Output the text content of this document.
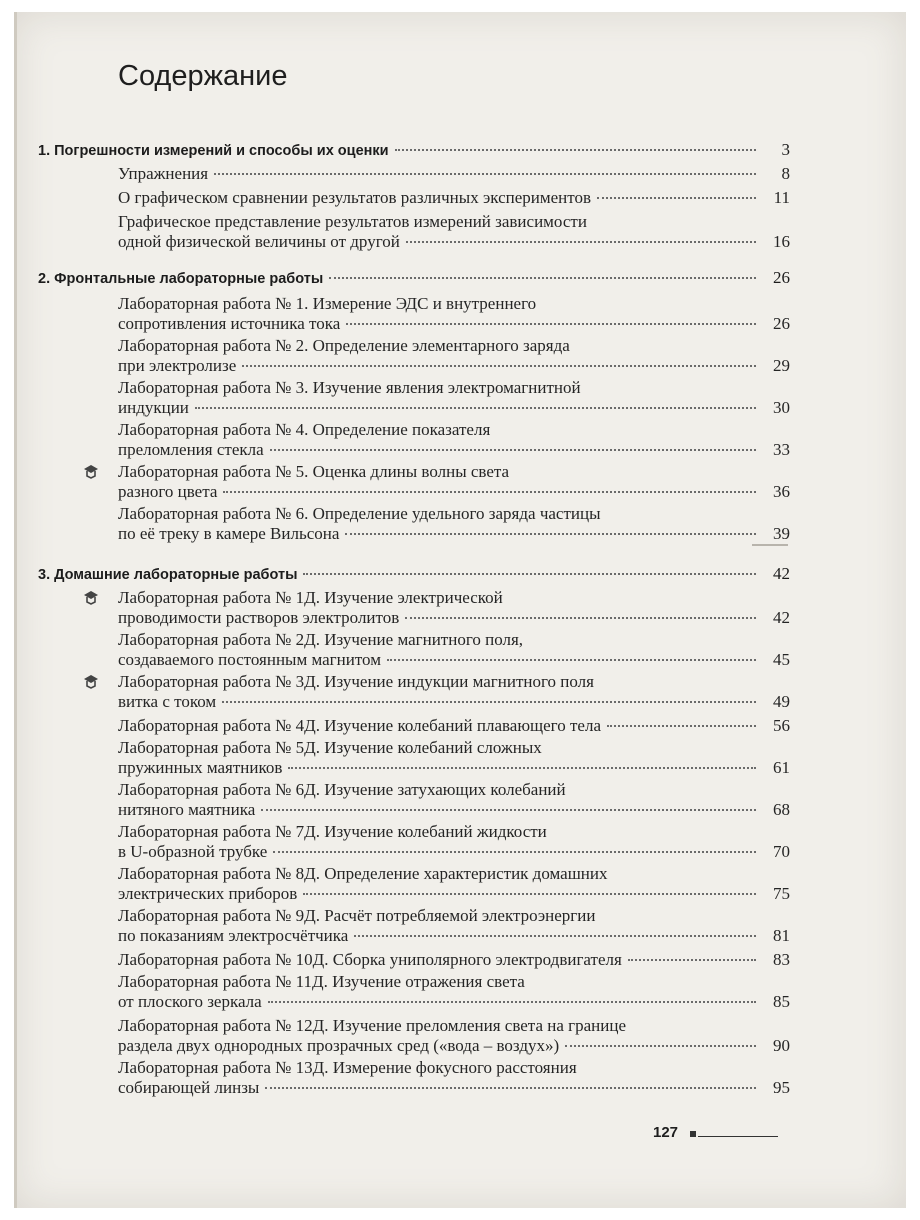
Содержание
1. Погрешности измерений и способы их оценки	3
Упражнения	8
О графическом сравнении результатов различных экспериментов	11
Графическое представление результатов измерений зависимости
одной физической величины от другой	16
2. Фронтальные лабораторные работы	26
Лабораторная работа № 1. Измерение ЭДС и внутреннего
сопротивления источника тока	26
Лабораторная работа № 2. Определение элементарного заряда
при электролизе	29
Лабораторная работа № 3. Изучение явления электромагнитной
индукции	30
Лабораторная работа № 4. Определение показателя
преломления стекла	33
Лабораторная работа № 5. Оценка длины волны света
разного цвета	36
Лабораторная работа № 6. Определение удельного заряда частицы
по её треку в камере Вильсона	39
3. Домашние лабораторные работы	42
Лабораторная работа № 1Д. Изучение электрической
проводимости растворов электролитов	42
Лабораторная работа № 2Д. Изучение магнитного поля,
создаваемого постоянным магнитом	45
Лабораторная работа № 3Д. Изучение индукции магнитного поля
витка с током	49
Лабораторная работа № 4Д. Изучение колебаний плавающего тела	56
Лабораторная работа № 5Д. Изучение колебаний сложных
пружинных маятников	61
Лабораторная работа № 6Д. Изучение затухающих колебаний
нитяного маятника	68
Лабораторная работа № 7Д. Изучение колебаний жидкости
в U-образной трубке	70
Лабораторная работа № 8Д. Определение характеристик домашних
электрических приборов	75
Лабораторная работа № 9Д. Расчёт потребляемой электроэнергии
по показаниям электросчётчика	81
Лабораторная работа № 10Д. Сборка униполярного электродвигателя	83
Лабораторная работа № 11Д. Изучение отражения света
от плоского зеркала	85
Лабораторная работа № 12Д. Изучение преломления света на границе
раздела двух однородных прозрачных сред («вода – воздух»)	90
Лабораторная работа № 13Д. Измерение фокусного расстояния
собирающей линзы	95
127
